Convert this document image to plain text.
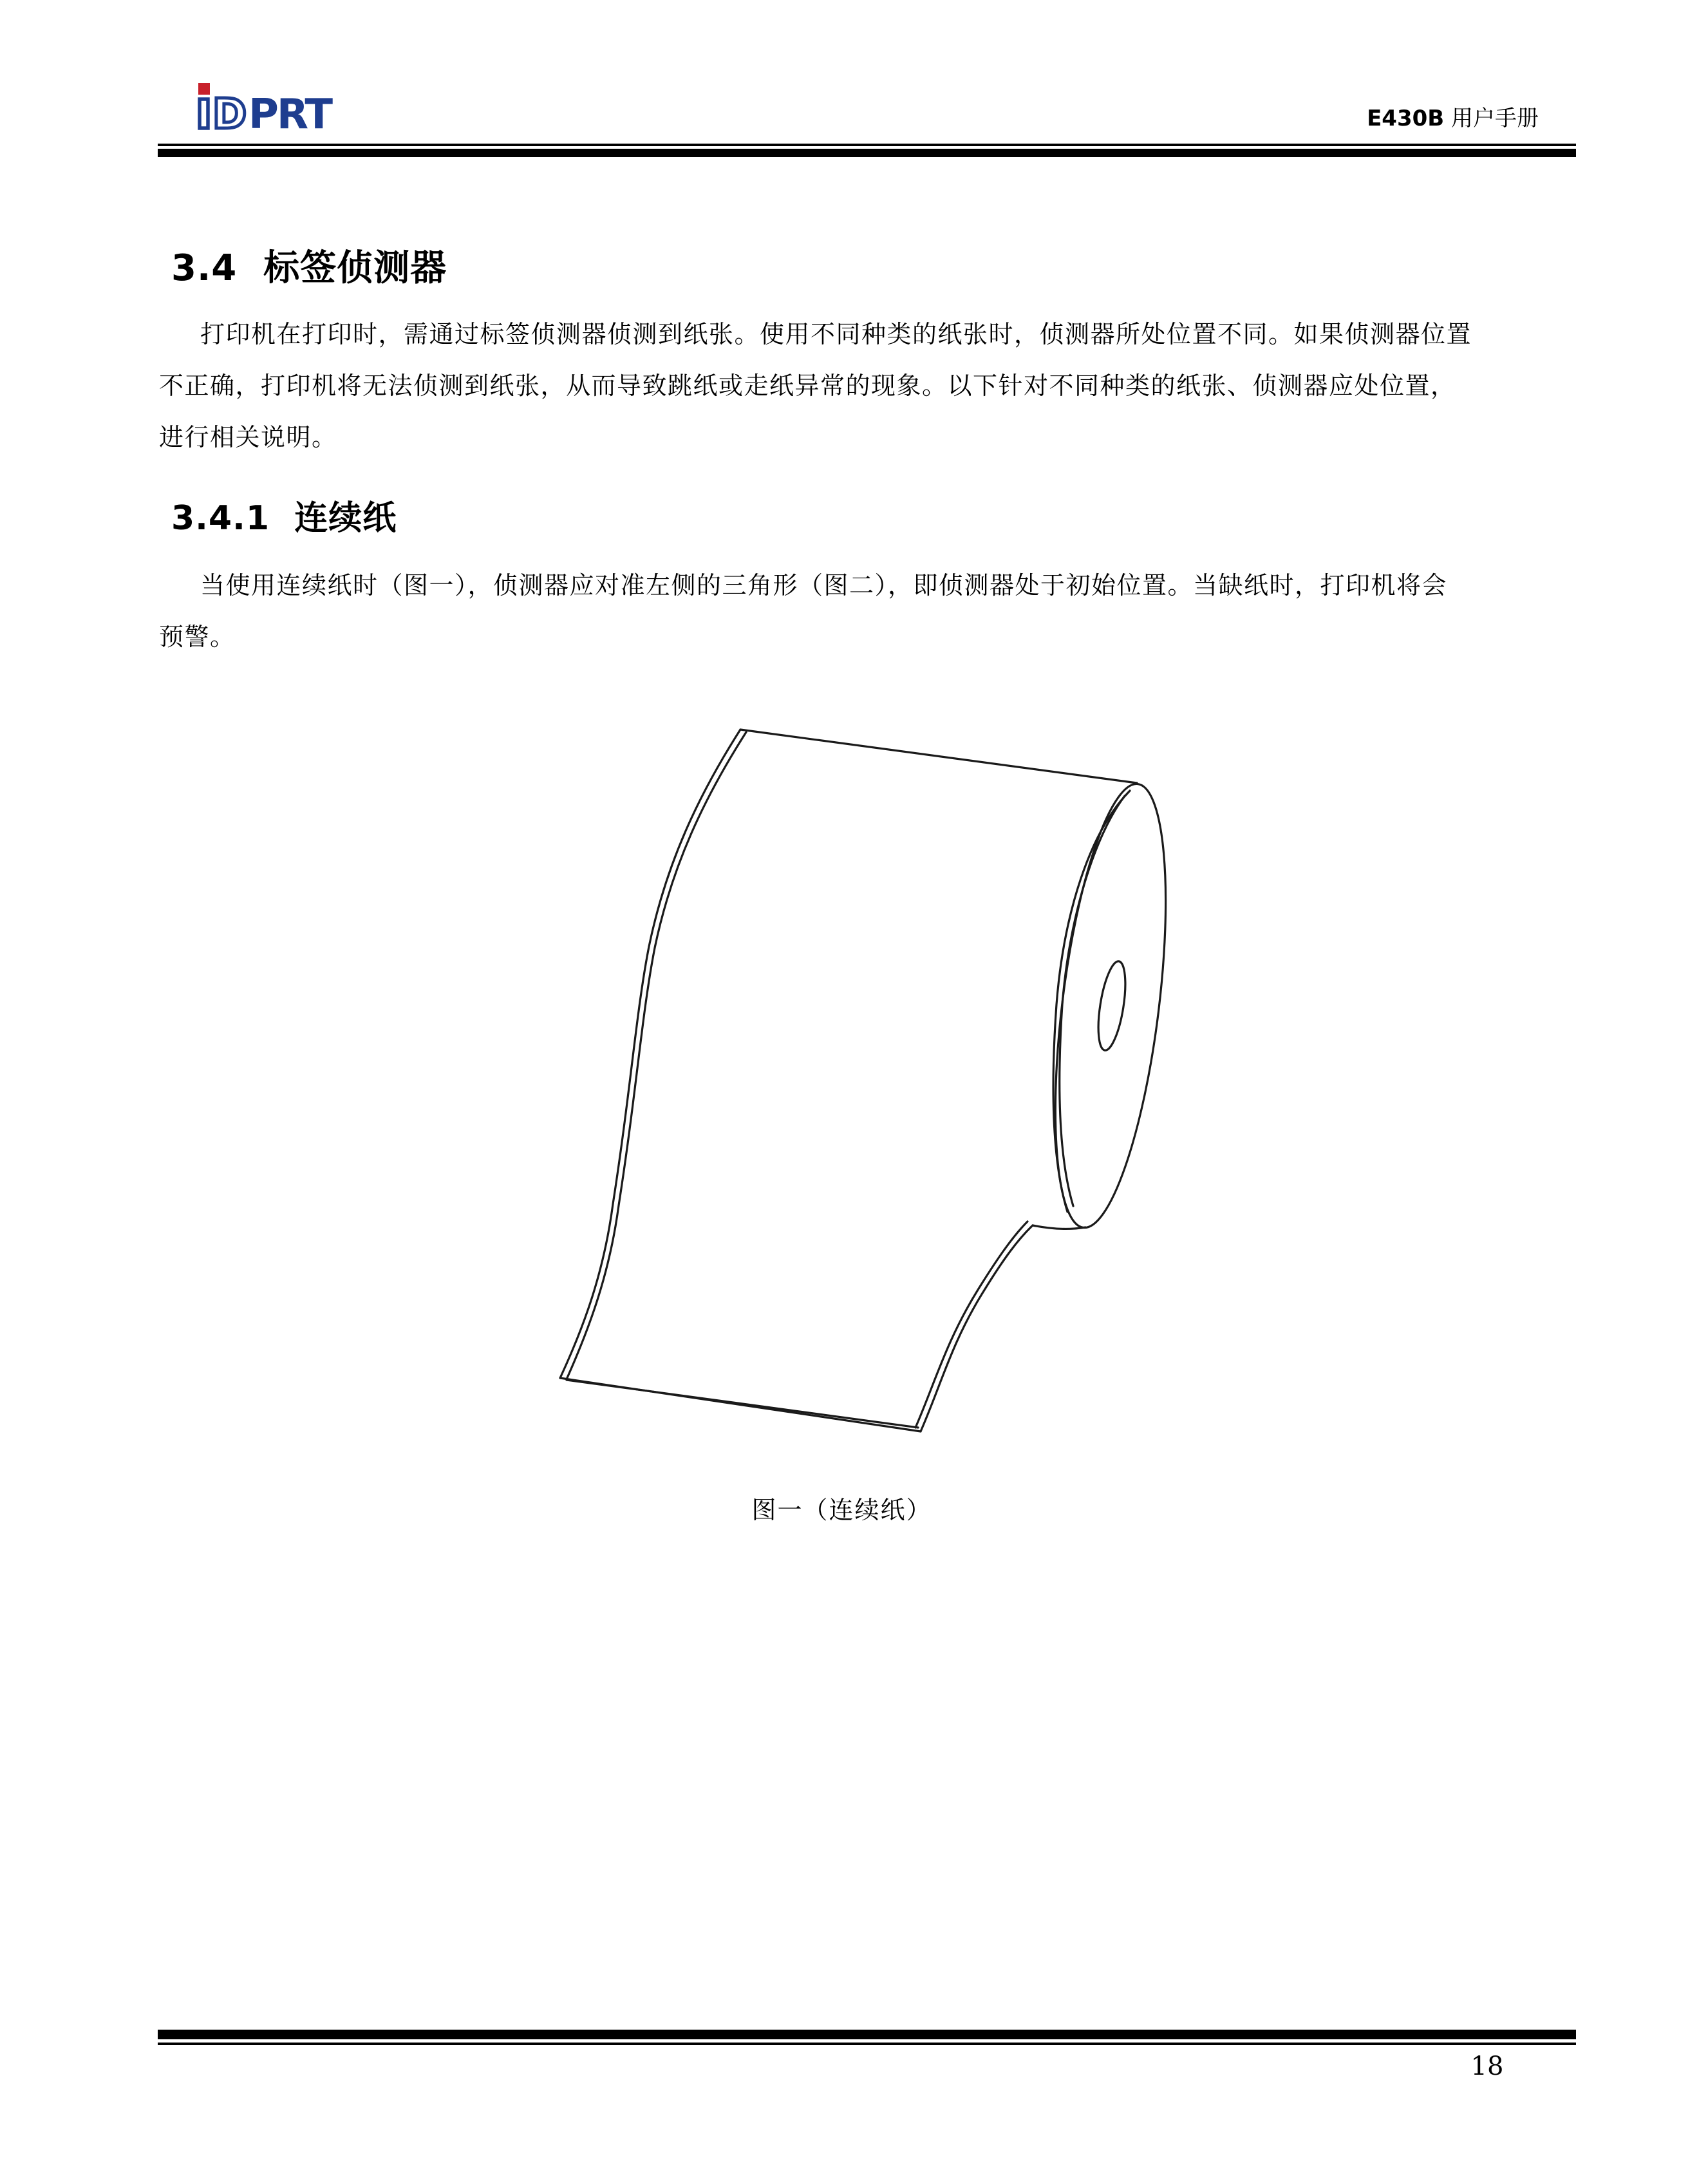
D PRT	E430B 用户手册
3.4  标签侦测器
打印机在打印时，需通过标签侦测器侦测到纸张。使用不同种类的纸张时，侦测器所处位置不同。如果侦测器位置
不正确，打印机将无法侦测到纸张，从而导致跳纸或走纸异常的现象。以下针对不同种类的纸张、侦测器应处位置，
进行相关说明。
3.4.1  连续纸
当使用连续纸时（图一），侦测器应对准左侧的三角形（图二），即侦测器处于初始位置。当缺纸时，打印机将会
预警。
图一（连续纸）
18
